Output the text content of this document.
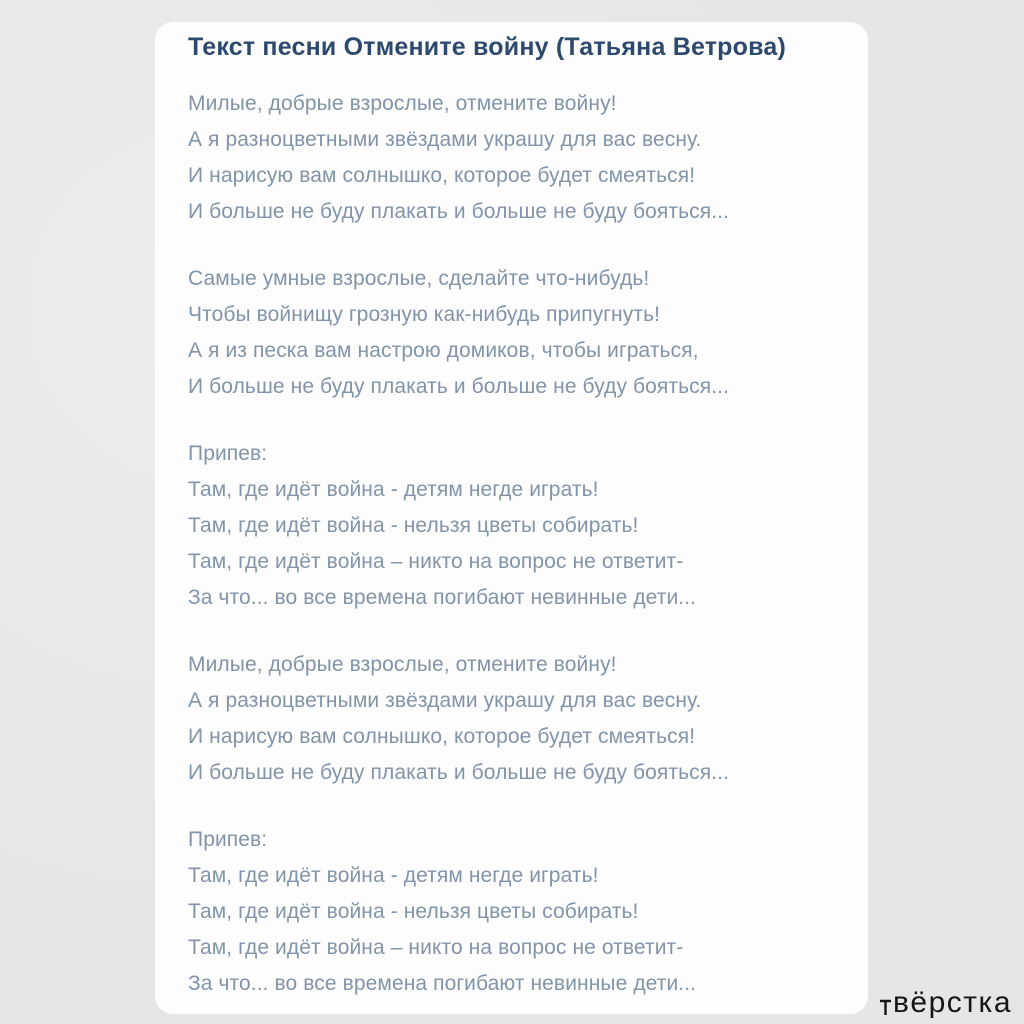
Текст песни Отмените войну (Татьяна Ветрова)

Милые, добрые взрослые, отмените войну!

А я разноцветными звёздами украшу для вас весну.

И нарисую вам солнышко, которое будет смеяться!

И больше не буду плакать и больше не буду бояться...

Самые умные взрослые, сделайте что-нибудь!

Чтобы войнищу грозную как-нибудь припугнуть!

А я из песка вам настрою домиков, чтобы играться,

И больше не буду плакать и больше не буду бояться...

Припев:

Там, где идёт война - детям негде играть!

Там, где идёт война - нельзя цветы собирать!

Там, где идёт война – никто на вопрос не ответит-

За что... во все времена погибают невинные дети...

Милые, добрые взрослые, отмените войну!

А я разноцветными звёздами украшу для вас весну.

И нарисую вам солнышко, которое будет смеяться!

И больше не буду плакать и больше не буду бояться...

Припев:

Там, где идёт война - детям негде играть!

Там, где идёт война - нельзя цветы собирать!

Там, где идёт война – никто на вопрос не ответит-

За что... во все времена погибают невинные дети...

вёрстка
